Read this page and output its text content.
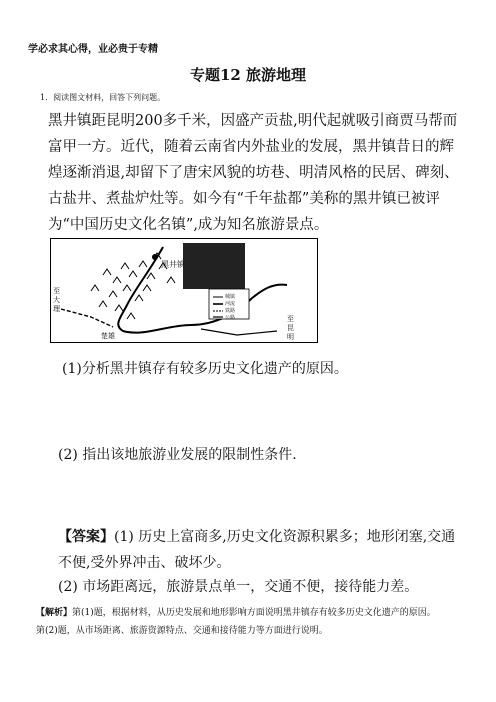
学必求其心得，业必贵于专精
专题12 旅游地理
1．阅读图文材料，回答下列问题。
黑井镇距昆明200多千米，因盛产贡盐,明代起就吸引商贾马帮而富甲一方。近代，随着云南省内外盐业的发展，黑井镇昔日的辉煌逐渐消退,却留下了唐宋风貌的坊巷、明清风格的民居、碑刻、古盐井、煮盐炉灶等。如今有“千年盐都”美称的黑井镇已被评为“中国历史文化名镇”,成为知名旅游景点。
黑井镇
至大理
至昆明
楚雄
城镇
河流
铁路
公路
(1)分析黑井镇存有较多历史文化遗产的原因。
(2) 指出该地旅游业发展的限制性条件.
【答案】(1) 历史上富商多,历史文化资源积累多；地形闭塞,交通不便,受外界冲击、破坏少。
(2) 市场距离远，旅游景点单一，交通不便，接待能力差。
【解析】第(1)题，根据材料，从历史发展和地形影响方面说明黑井镇存有较多历史文化遗产的原因。
第(2)题，从市场距离、旅游资源特点、交通和接待能力等方面进行说明。
